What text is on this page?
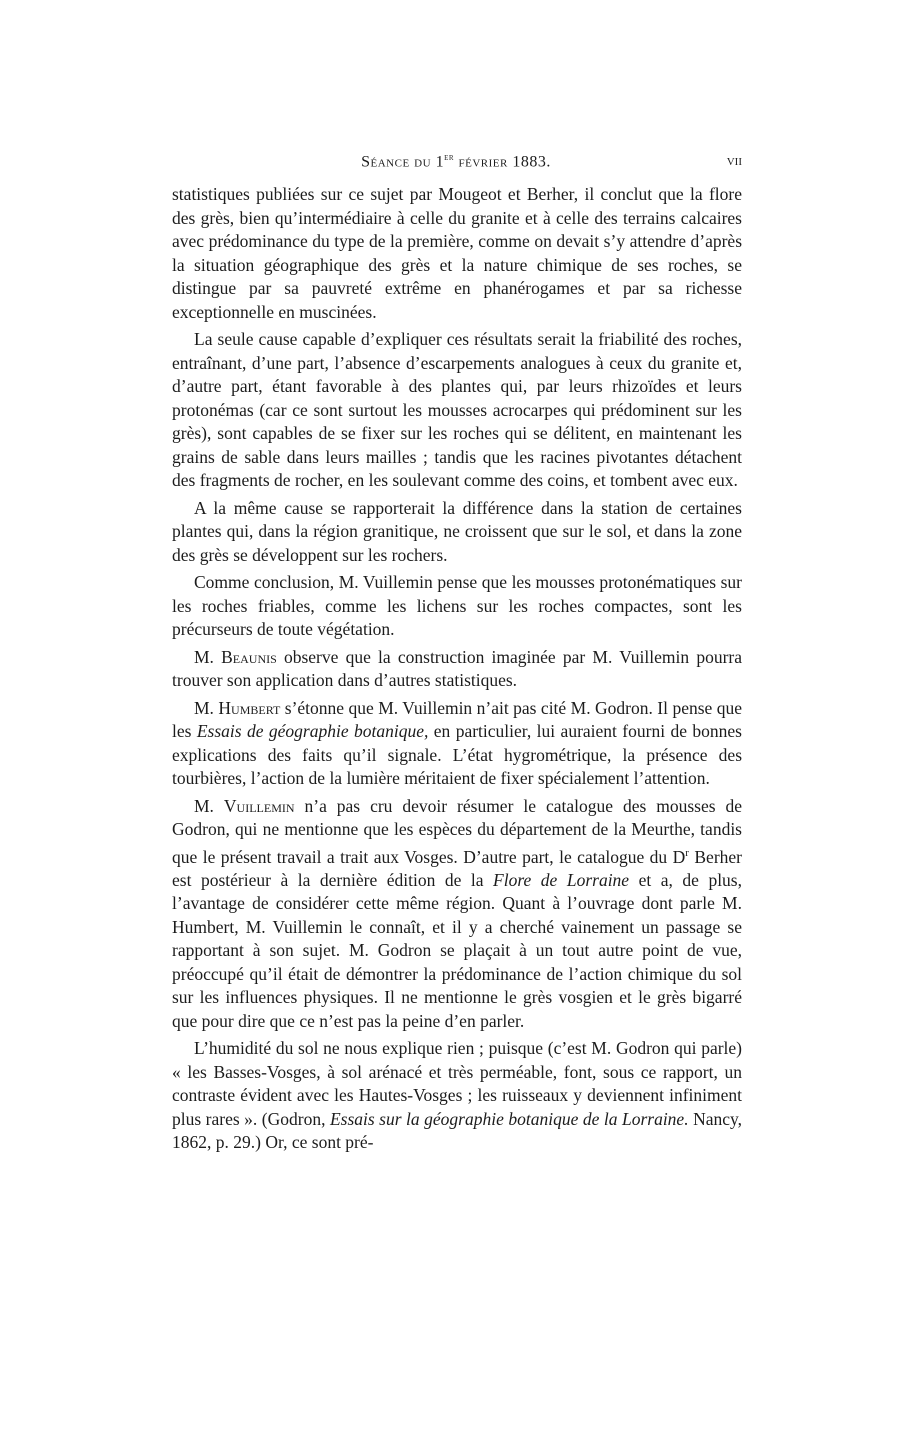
Séance du 1er février 1883.	vii

statistiques publiées sur ce sujet par Mougeot et Berher, il conclut que la flore des grès, bien qu’intermédiaire à celle du granite et à celle des terrains calcaires avec prédominance du type de la première, comme on devait s’y attendre d’après la situation géographique des grès et la nature chimique de ses roches, se distingue par sa pauvreté extrême en phanérogames et par sa richesse exceptionnelle en muscinées.

La seule cause capable d’expliquer ces résultats serait la friabilité des roches, entraînant, d’une part, l’absence d’escarpements analogues à ceux du granite et, d’autre part, étant favorable à des plantes qui, par leurs rhizoïdes et leurs protonémas (car ce sont surtout les mousses acrocarpes qui prédominent sur les grès), sont capables de se fixer sur les roches qui se délitent, en maintenant les grains de sable dans leurs mailles ; tandis que les racines pivotantes détachent des fragments de rocher, en les soulevant comme des coins, et tombent avec eux.

A la même cause se rapporterait la différence dans la station de certaines plantes qui, dans la région granitique, ne croissent que sur le sol, et dans la zone des grès se développent sur les rochers.

Comme conclusion, M. Vuillemin pense que les mousses protonématiques sur les roches friables, comme les lichens sur les roches compactes, sont les précurseurs de toute végétation.

M. Beaunis observe que la construction imaginée par M. Vuillemin pourra trouver son application dans d’autres statistiques.

M. Humbert s’étonne que M. Vuillemin n’ait pas cité M. Godron. Il pense que les Essais de géographie botanique, en particulier, lui auraient fourni de bonnes explications des faits qu’il signale. L’état hygrométrique, la présence des tourbières, l’action de la lumière méritaient de fixer spécialement l’attention.

M. Vuillemin n’a pas cru devoir résumer le catalogue des mousses de Godron, qui ne mentionne que les espèces du département de la Meurthe, tandis que le présent travail a trait aux Vosges. D’autre part, le catalogue du $D^r$ Berher est postérieur à la dernière édition de la Flore de Lorraine et a, de plus, l’avantage de considérer cette même région. Quant à l’ouvrage dont parle M. Humbert, M. Vuillemin le connaît, et il y a cherché vainement un passage se rapportant à son sujet. M. Godron se plaçait à un tout autre point de vue, préoccupé qu’il était de démontrer la prédominance de l’action chimique du sol sur les influences physiques. Il ne mentionne le grès vosgien et le grès bigarré que pour dire que ce n’est pas la peine d’en parler.

L’humidité du sol ne nous explique rien ; puisque (c’est M. Godron qui parle) « les Basses-Vosges, à sol arénacé et très perméable, font, sous ce rapport, un contraste évident avec les Hautes-Vosges ; les ruisseaux y deviennent infiniment plus rares ». (Godron, Essais sur la géographie botanique de la Lorraine. Nancy, 1862, p. 29.) Or, ce sont pré-
